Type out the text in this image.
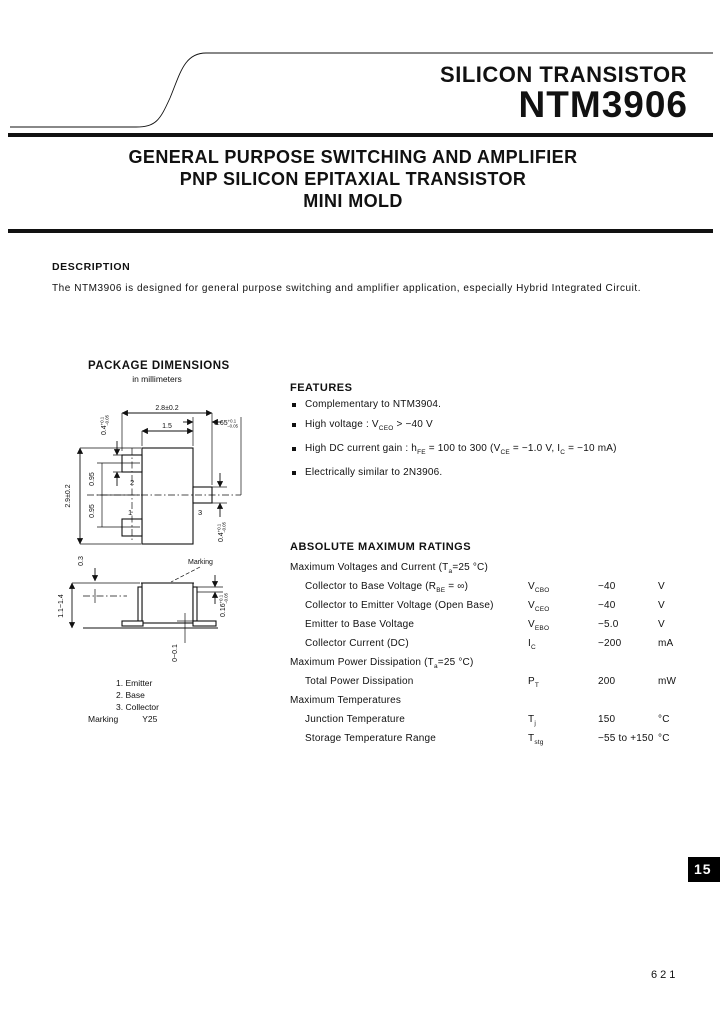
SILICON TRANSISTOR
NTM3906
GENERAL PURPOSE SWITCHING AND AMPLIFIER
PNP SILICON EPITAXIAL TRANSISTOR
MINI MOLD
DESCRIPTION
The NTM3906 is designed for general purpose switching and amplifier application, especially Hybrid Integrated Circuit.
PACKAGE DIMENSIONS
in millimeters
2.9±0.2
2.8±0.2
1.5	$0.65^{+0.1} -0.05$
$0.4^{+0.1}-0.05$
0.95
0.95
$0.4^{+0.1}-0.05$
2
1	3
Marking
1.1~1.4
0.3
$0.16^{+0.1}-0.05$
0~0.1
1. Emitter
2. Base
3. Collector
Marking	Y25
FEATURES
Complementary to NTM3904.
High voltage : $V_{CEO} > -40$ V
High DC current gain : $h_{FE} = 100$ to 300 ($V_{CE} = -1.0$ V, $I_C = -10$ mA)
Electrically similar to 2N3906.
ABSOLUTE MAXIMUM RATINGS
Maximum Voltages and Current ($T_a=25$ °C)
Collector to Base Voltage ($R_{BE}$ = ∞)	$V_{CBO}$	−40	V
Collector to Emitter Voltage (Open Base)	$V_{CEO}$	−40	V
Emitter to Base Voltage	$V_{EBO}$	−5.0	V
Collector Current (DC)	$I_C$	−200	mA
Maximum Power Dissipation ($T_a=25$ °C)
Total Power Dissipation	$P_T$	200	mW
Maximum Temperatures
Junction Temperature	$T_j$	150	°C
Storage Temperature Range	$T_{stg}$	−55 to +150 °C
15
621
